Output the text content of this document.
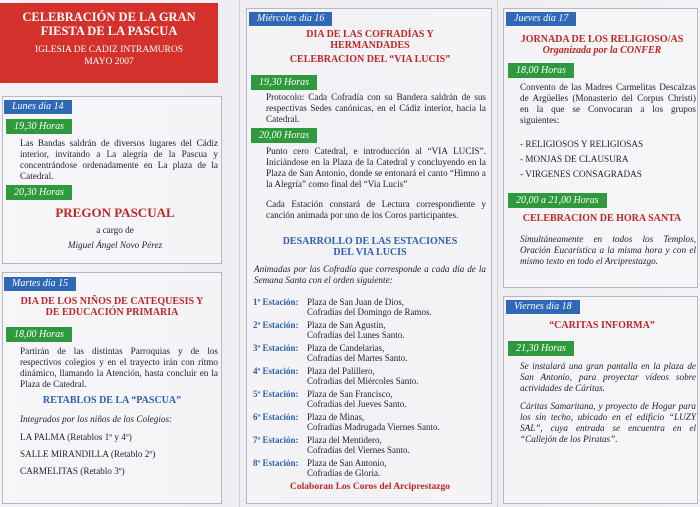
CELEBRACIÓN DE LA GRAN
FIESTA DE LA PASCUA
IGLESIA DE CADIZ INTRAMUROS
MAYO 2007
Lunes día 14
19,30 Horas
Las Bandas saldrán de diversos lugares del Cádiz interior, invitando a La alegría de la Pascua y concentrándose ordenadamente en La plaza de la Catedral.
20,30 Horas
PREGON PASCUAL
a cargo de
Miguel Ángel Novo Pérez
Martes día 15
DIA DE LOS NIÑOS DE CATEQUESIS Y
DE EDUCACIÓN PRIMARIA
18,00 Horas
Partirán de las distintas Parroquias y de los respectivos colegios y en el trayecto irán con ritmo dinámico, llamando la Atención, hasta concluir en la Plaza de Catedral.
RETABLOS DE LA “PASCUA”
Integrados por los niños de los Colegios:
LA PALMA (Retablos 1º y 4º)
SALLE MIRANDILLA (Retablo 2º)
CARMELITAS (Retablo 3º)
Miércoles día 16
DIA DE LAS COFRADÍAS Y
HERMANDADES
CELEBRACION DEL “VIA LUCIS”
19,30 Horas
Protocolo: Cada Cofradía con su Bandera saldrán de sus respectivas Sedes canónicas, en el Cádiz interior, hacia la Catedral.
20,00 Horas
Punto cero Catedral, e introducción al “VIA LUCIS”. Iniciándose en la Plaza de la Catedral y concluyendo en la Plaza de San Antonio, donde se entonará el canto “Himno a la Alegría” como final del “Via Lucis”
Cada Estación constará de Lectura correspondiente y canción animada por uno de los Coros participantes.
DESARROLLO DE LAS ESTACIONES
DEL VIA LUCIS
Animadas por las Cofradía que corresponde a cada día de la Semana Santa con el orden siguiente:
1ª Estación: Plaza de San Juan de Dios,
Cofradías del Domingo de Ramos.
2ª Estación: Plaza de San Agustín,
Cofradías del Lunes Santo.
3ª Estación: Plaza de Candelarias,
Cofradías del Martes Santo.
4ª Estación: Plaza del Palillero,
Cofradías del Miércoles Santo.
5ª Estación: Plaza de San Francisco,
Cofradías del Jueves Santo.
6ª Estación: Plaza de Minas,
Cofradías Madrugada Viernes Santo.
7ª Estación: Plaza del Mentidero,
Cofradías del Viernes Santo.
8ª Estación: Plaza de San Antonio,
Cofradías de Gloria.
Colaboran Los Coros del Arciprestazgo
Jueves día 17
JORNADA DE LOS RELIGIOSO/AS
Organizada por la CONFER
18,00 Horas
Convento de las Madres Carmelitas Descalzas de Argüelles (Monasterio del Corpus Christi) en la que se Convocaran a los grupos siguientes:
- RELIGIOSOS Y RELIGIOSAS
- MONJAS DE CLAUSURA
- VIRGENES CONSAGRADAS
20,00 a 21,00 Horas
CELEBRACION DE HORA SANTA
Simultáneamente en todos los Templos, Oración Eucarística a la misma hora y con el mismo texto en todo el Arciprestazgo.
Viernes día 18
“CARITAS INFORMA”
21,30 Horas
Se instalará una gran pantalla en la plaza de San Antonio, para proyectar vídeos sobre actividades de Cáritas.
Cáritas Samaritana, y proyecto de Hogar para los sin techo, ubicado en el edificio “LUZY SAL”, cuya entrada se encuentra en el “Callejón de los Piratas”.
